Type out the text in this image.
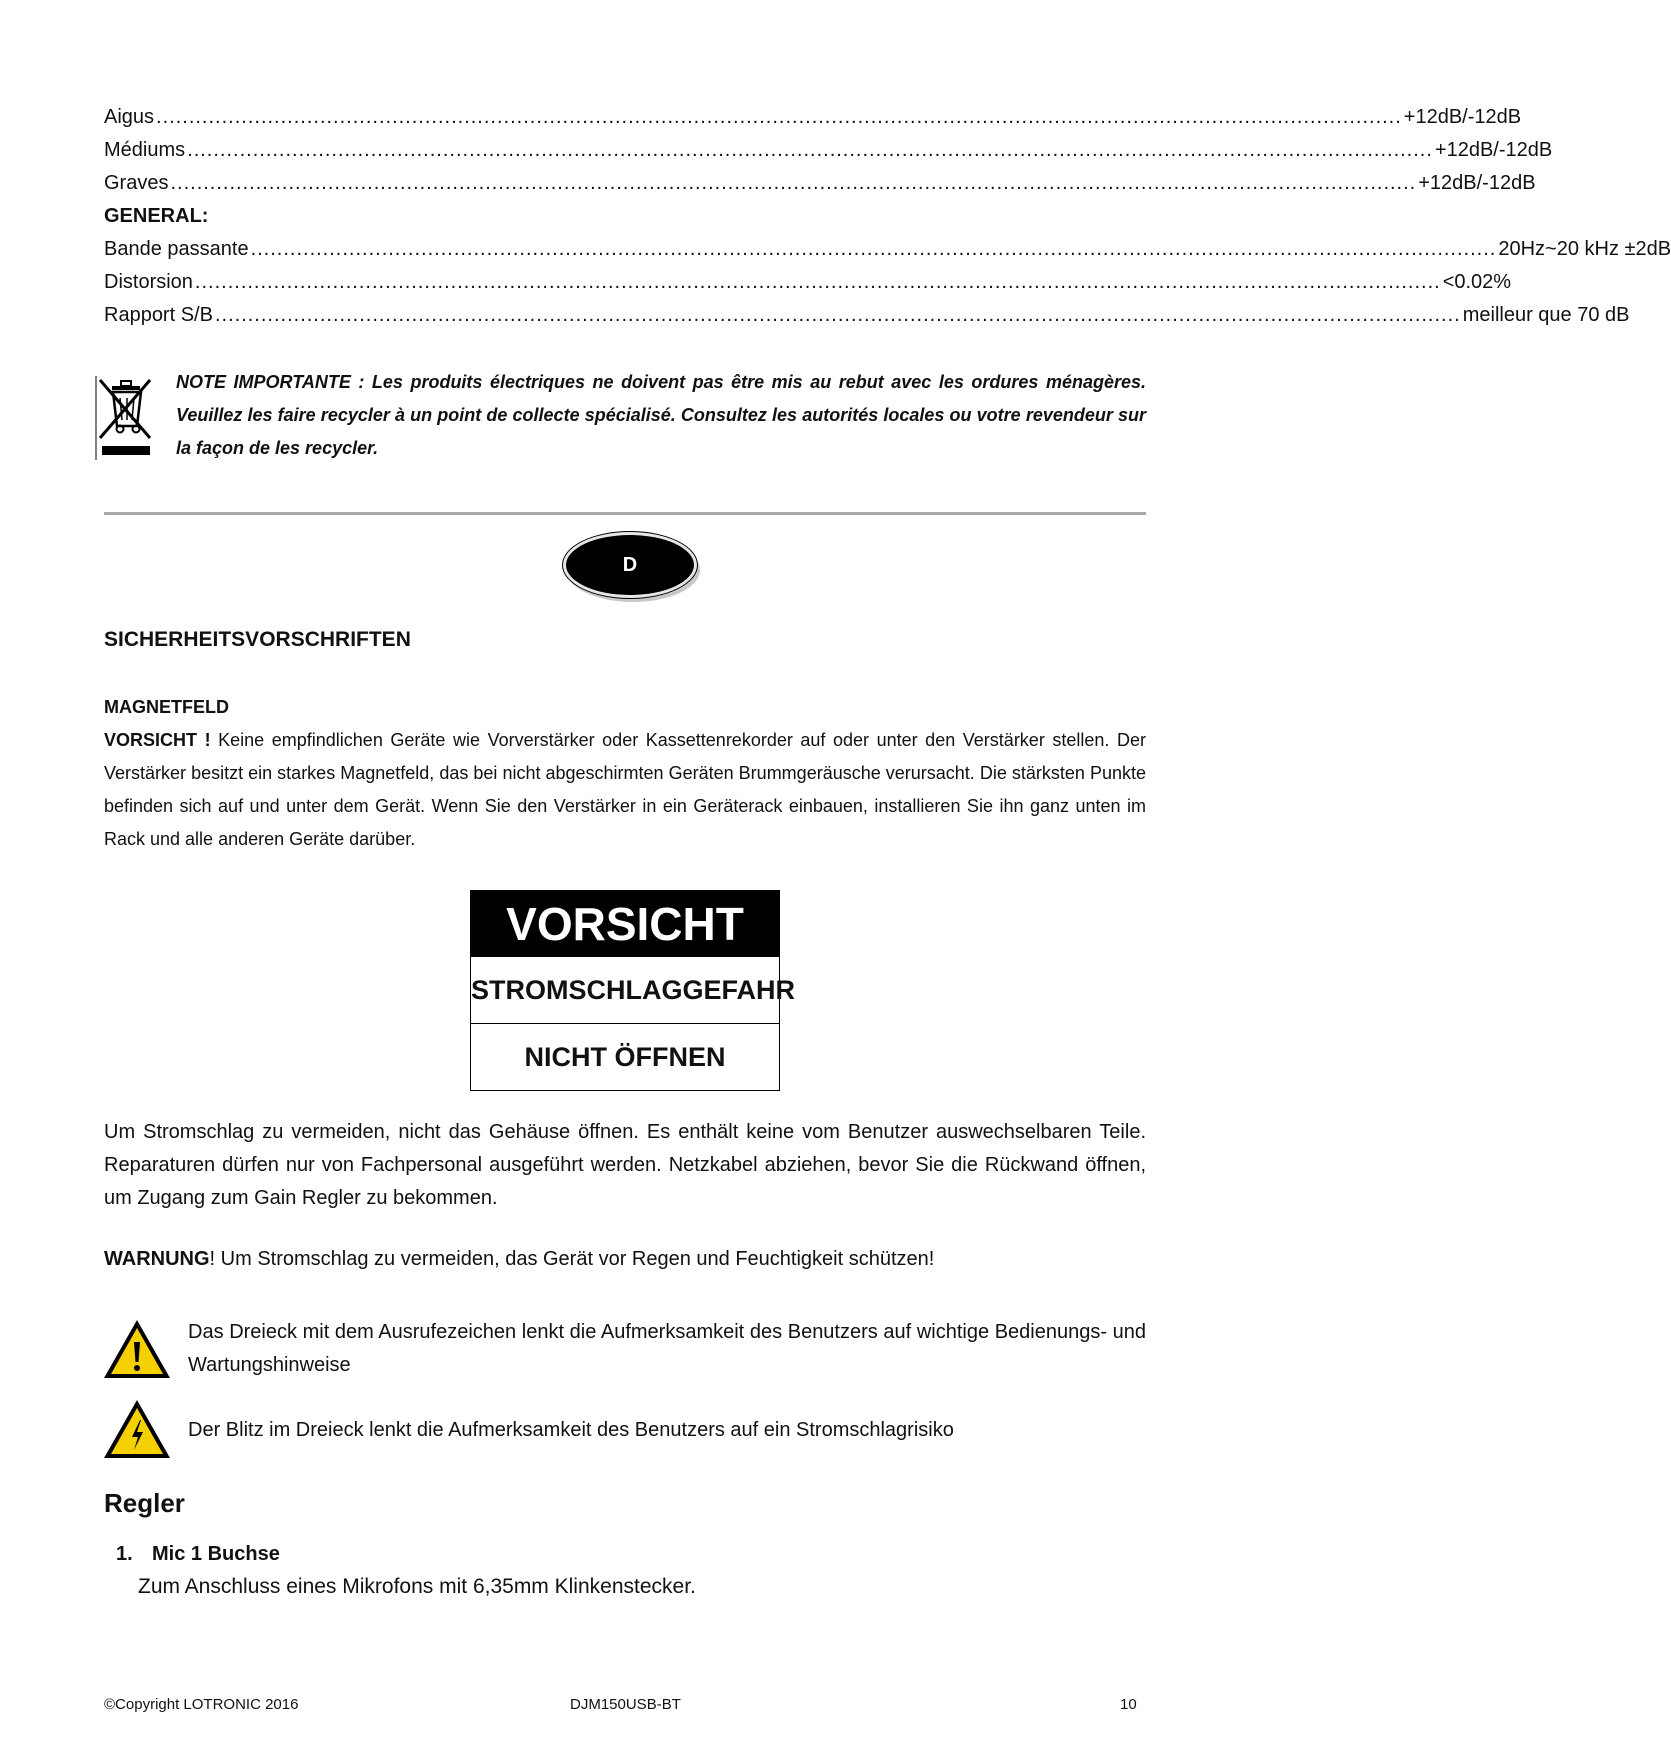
Aigus .............................................................................................................................................................................................. +12dB/-12dB
Médiums .............................................................................................................................................................................................. +12dB/-12dB
Graves .............................................................................................................................................................................................. +12dB/-12dB
GENERAL:
Bande passante .............................................................................................................................................................................................. 20Hz~20 kHz ±2dB
Distorsion .............................................................................................................................................................................................. <0.02%
Rapport S/B .............................................................................................................................................................................................. meilleur que 70 dB
NOTE IMPORTANTE : Les produits électriques ne doivent pas être mis au rebut avec les ordures ménagères. Veuillez les faire recycler à un point de collecte spécialisé. Consultez les autorités locales ou votre revendeur sur la façon de les recycler.
D
SICHERHEITSVORSCHRIFTEN
MAGNETFELD
VORSICHT ! Keine empfindlichen Geräte wie Vorverstärker oder Kassettenrekorder auf oder unter den Verstärker stellen. Der Verstärker besitzt ein starkes Magnetfeld, das bei nicht abgeschirmten Geräten Brummgeräusche verursacht. Die stärksten Punkte befinden sich auf und unter dem Gerät. Wenn Sie den Verstärker in ein Geräterack einbauen, installieren Sie ihn ganz unten im Rack und alle anderen Geräte darüber.
VORSICHT
STROMSCHLAGGEFAHR
NICHT ÖFFNEN
Um Stromschlag zu vermeiden, nicht das Gehäuse öffnen. Es enthält keine vom Benutzer auswechselbaren Teile. Reparaturen dürfen nur von Fachpersonal ausgeführt werden. Netzkabel abziehen, bevor Sie die Rückwand öffnen, um Zugang zum Gain Regler zu bekommen.
WARNUNG! Um Stromschlag zu vermeiden, das Gerät vor Regen und Feuchtigkeit schützen!
Das Dreieck mit dem Ausrufezeichen lenkt die Aufmerksamkeit des Benutzers auf wichtige Bedienungs- und Wartungshinweise
Der Blitz im Dreieck lenkt die Aufmerksamkeit des Benutzers auf ein Stromschlagrisiko
Regler
1. Mic 1 Buchse
Zum Anschluss eines Mikrofons mit 6,35mm Klinkenstecker.
©Copyright LOTRONIC 2016	DJM150USB-BT	10
